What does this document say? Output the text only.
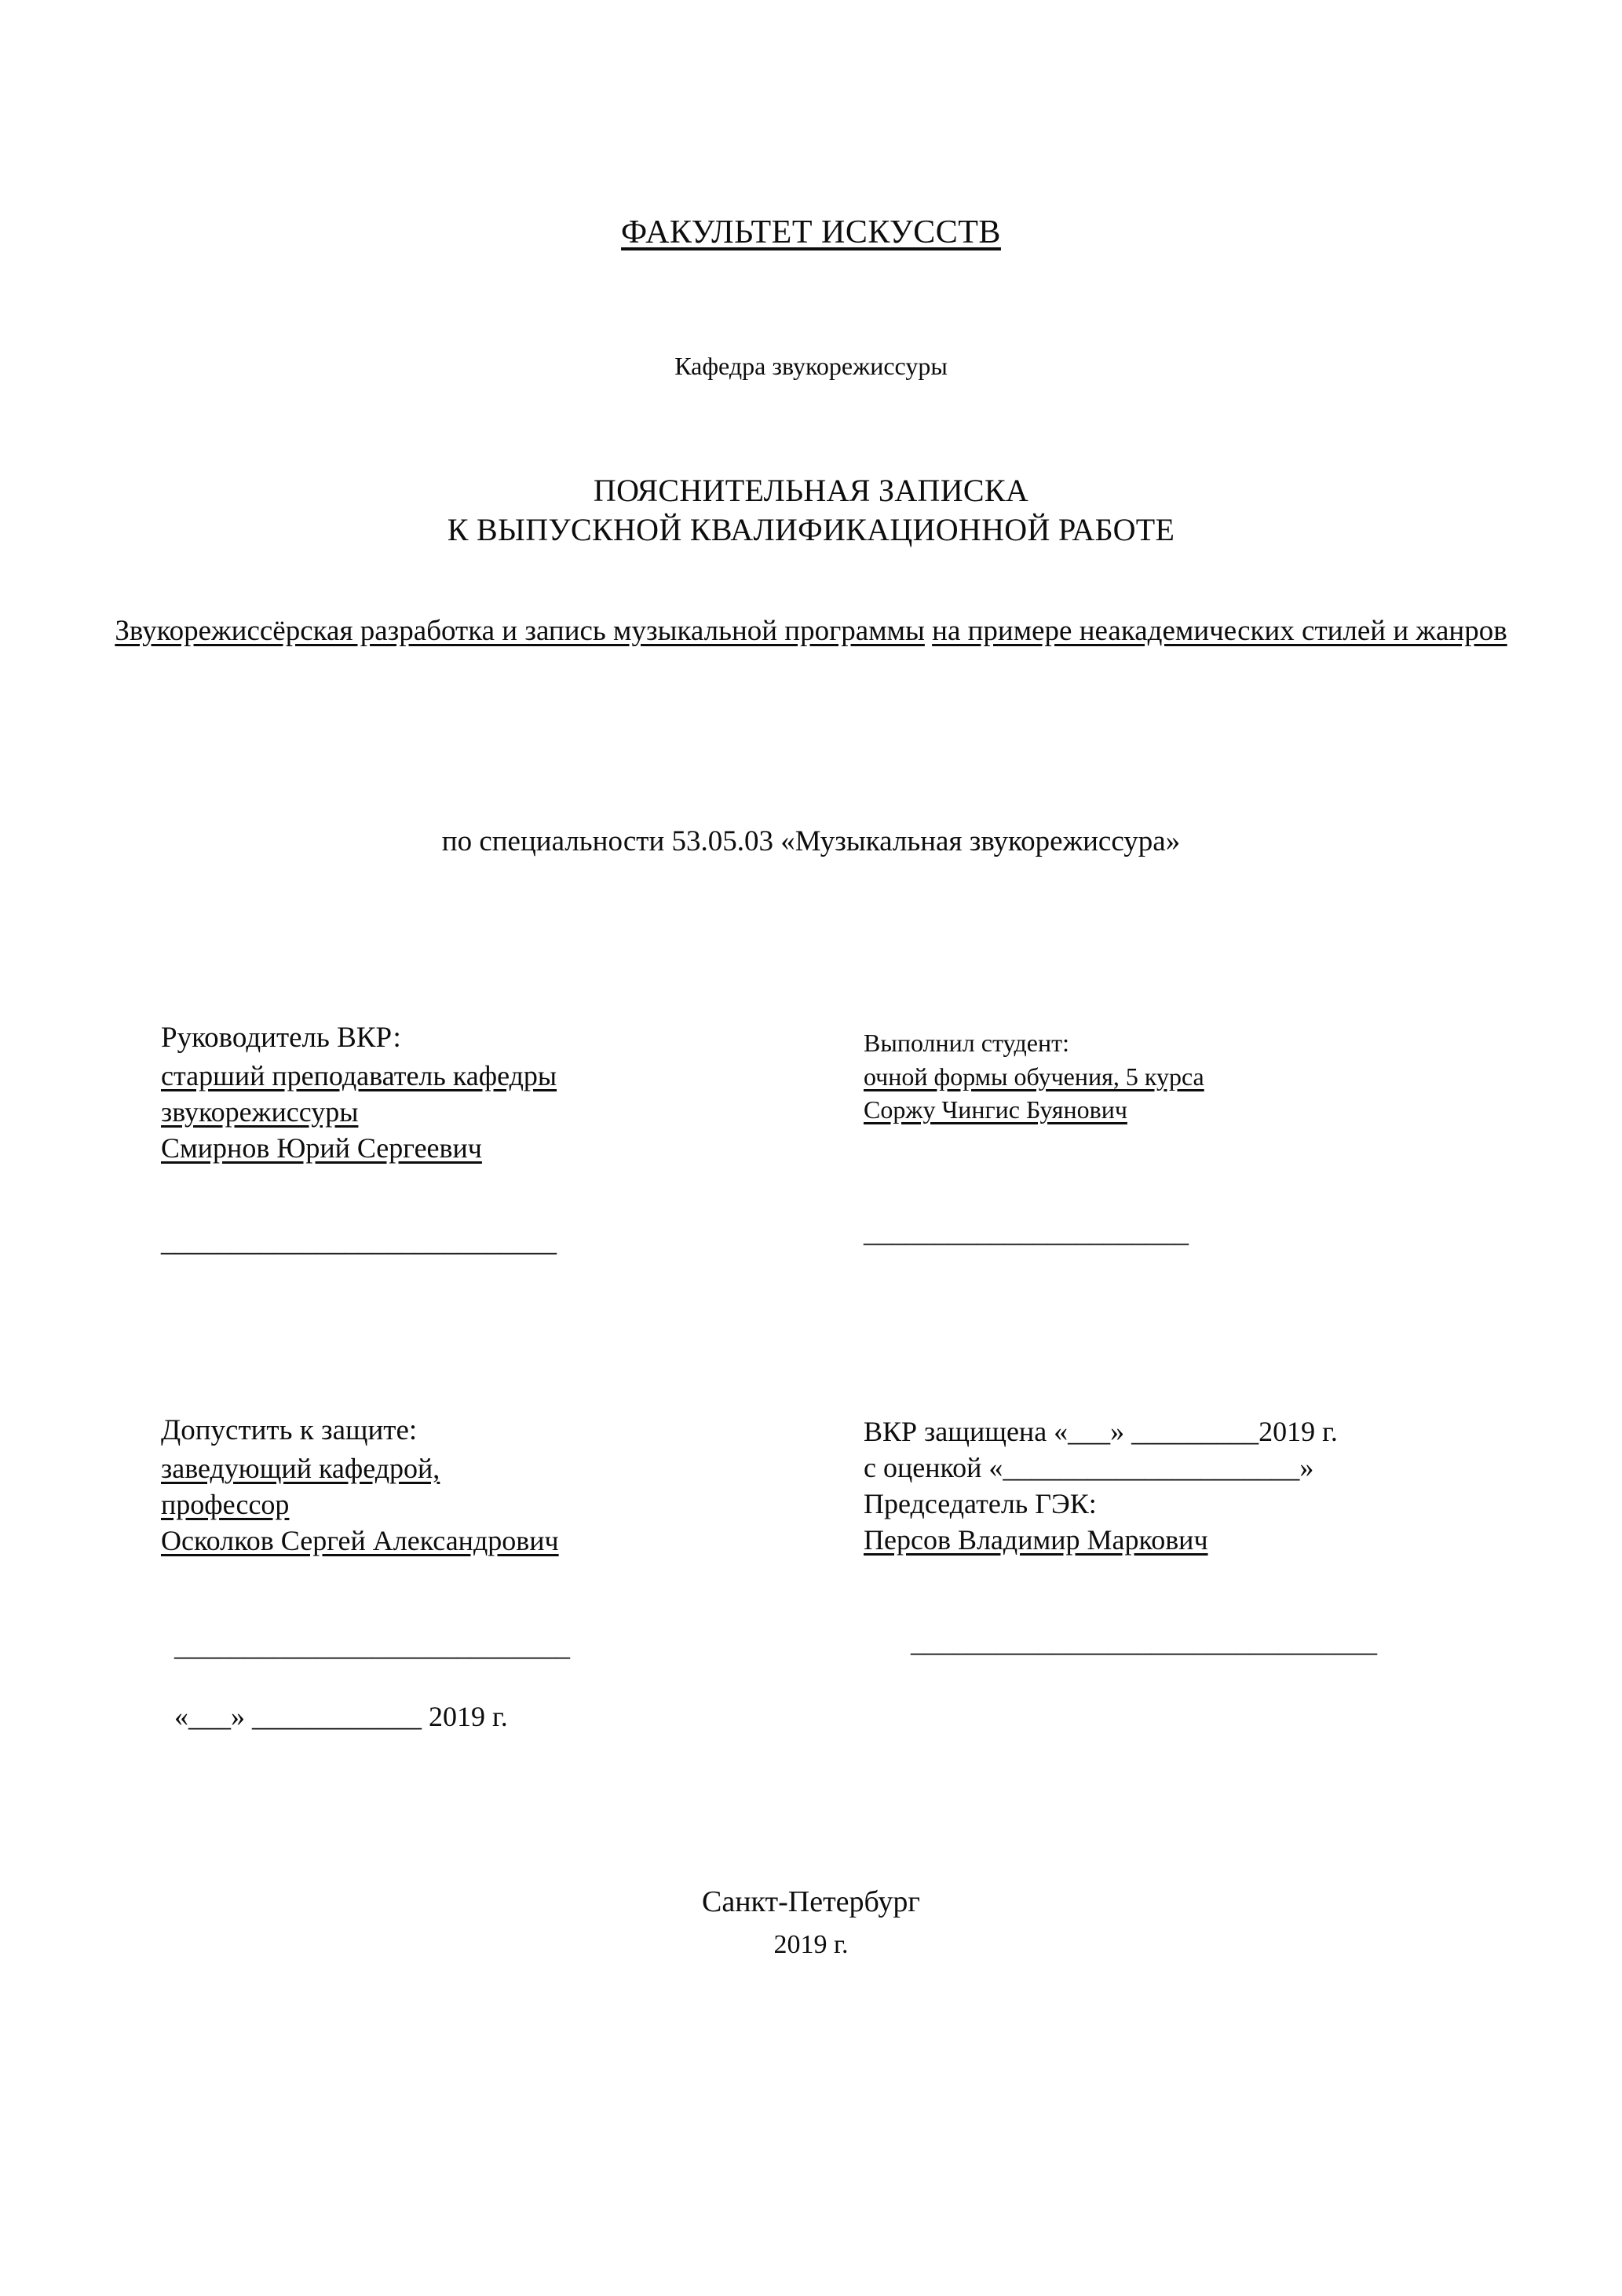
ФАКУЛЬТЕТ ИСКУССТВ
Кафедра звукорежиссуры
ПОЯСНИТЕЛЬНАЯ ЗАПИСКА
К ВЫПУСКНОЙ КВАЛИФИКАЦИОННОЙ РАБОТЕ
Звукорежиссёрская разработка и запись музыкальной программы на примере неакадемических стилей и жанров
по специальности 53.05.03 «Музыкальная звукорежиссура»
Руководитель ВКР:
старший преподаватель кафедры
звукорежиссуры
Смирнов Юрий Сергеевич
____________________________
Выполнил студент:
очной формы обучения, 5 курса
Соржу Чингис Буянович
_______________________
Допустить к защите:
заведующий кафедрой,
профессор
Осколков Сергей Александрович
____________________________
«___» ____________ 2019 г.
ВКР защищена «___» _________2019 г.
с оценкой «_____________________»
Председатель ГЭК:
Персов Владимир Маркович
_________________________________
Санкт-Петербург
2019 г.
